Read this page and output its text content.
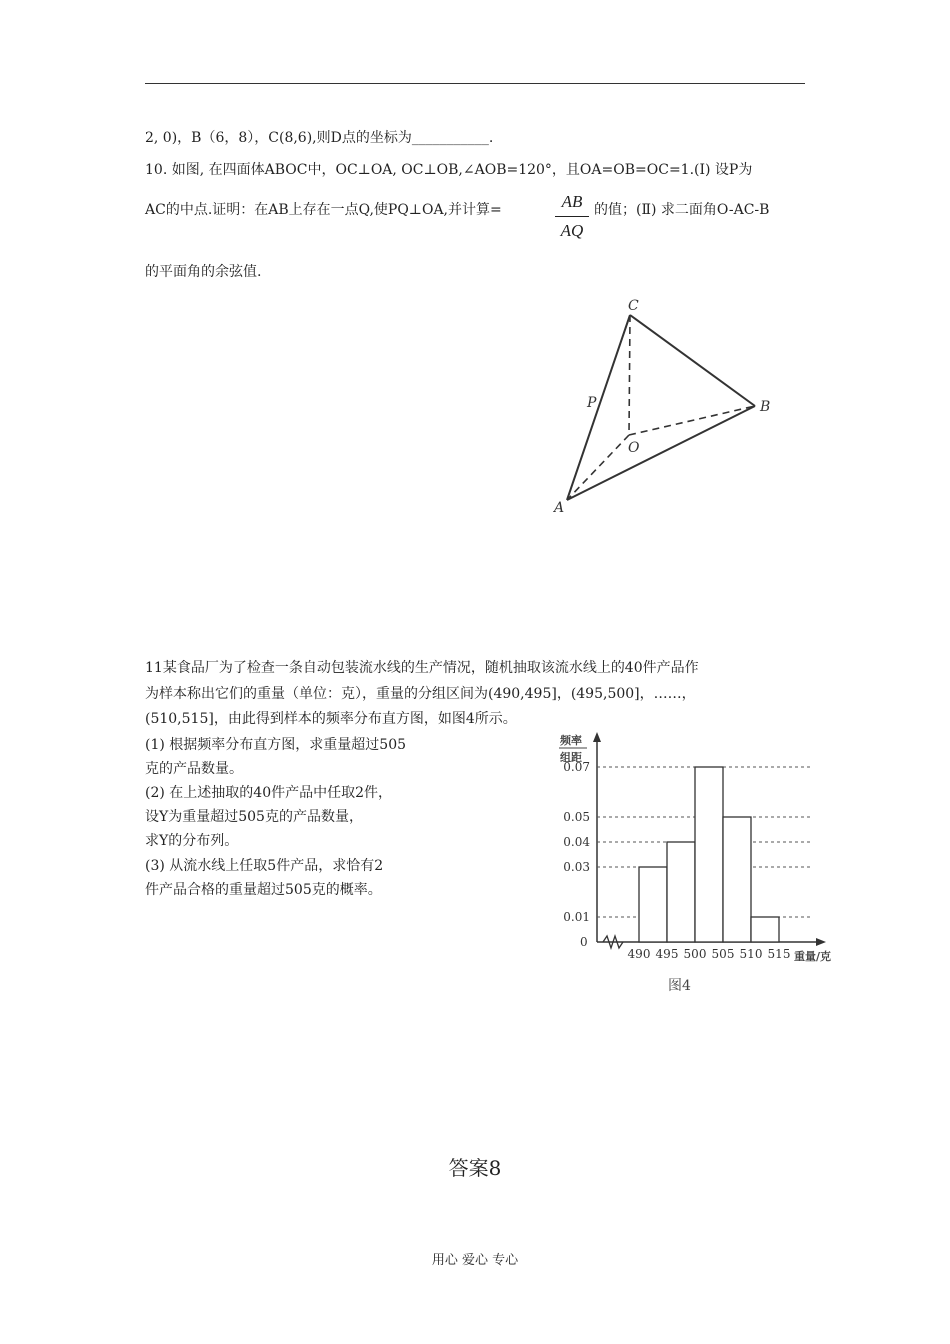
2, 0)，B（6，8），C(8,6),则D点的坐标为___________.
10. 如图, 在四面体ABOC中，OC⊥OA, OC⊥OB,∠AOB=120°，且OA=OB=OC=1.(Ⅰ) 设P为
AC的中点.证明：在AB上存在一点Q,使PQ⊥OA,并计算=	AB
AQ
的值；(Ⅱ) 求二面角O-AC-B
的平面角的余弦值.
C
P	B
O
A
11某食品厂为了检查一条自动包装流水线的生产情况，随机抽取该流水线上的40件产品作
为样本称出它们的重量（单位：克），重量的分组区间为(490,495]，(495,500]，……，
(510,515]，由此得到样本的频率分布直方图，如图4所示。
(1) 根据频率分布直方图，求重量超过505
克的产品数量。
(2) 在上述抽取的40件产品中任取2件，
设Y为重量超过505克的产品数量，
求Y的分布列。
(3) 从流水线上任取5件产品，求恰有2
件产品合格的重量超过505克的概率。
频率
组距
0
0.07
0.05
0.04
0.03
0.01
490 495 500 505 510 515 重量/克
图4
答案8
用心 爱心 专心
